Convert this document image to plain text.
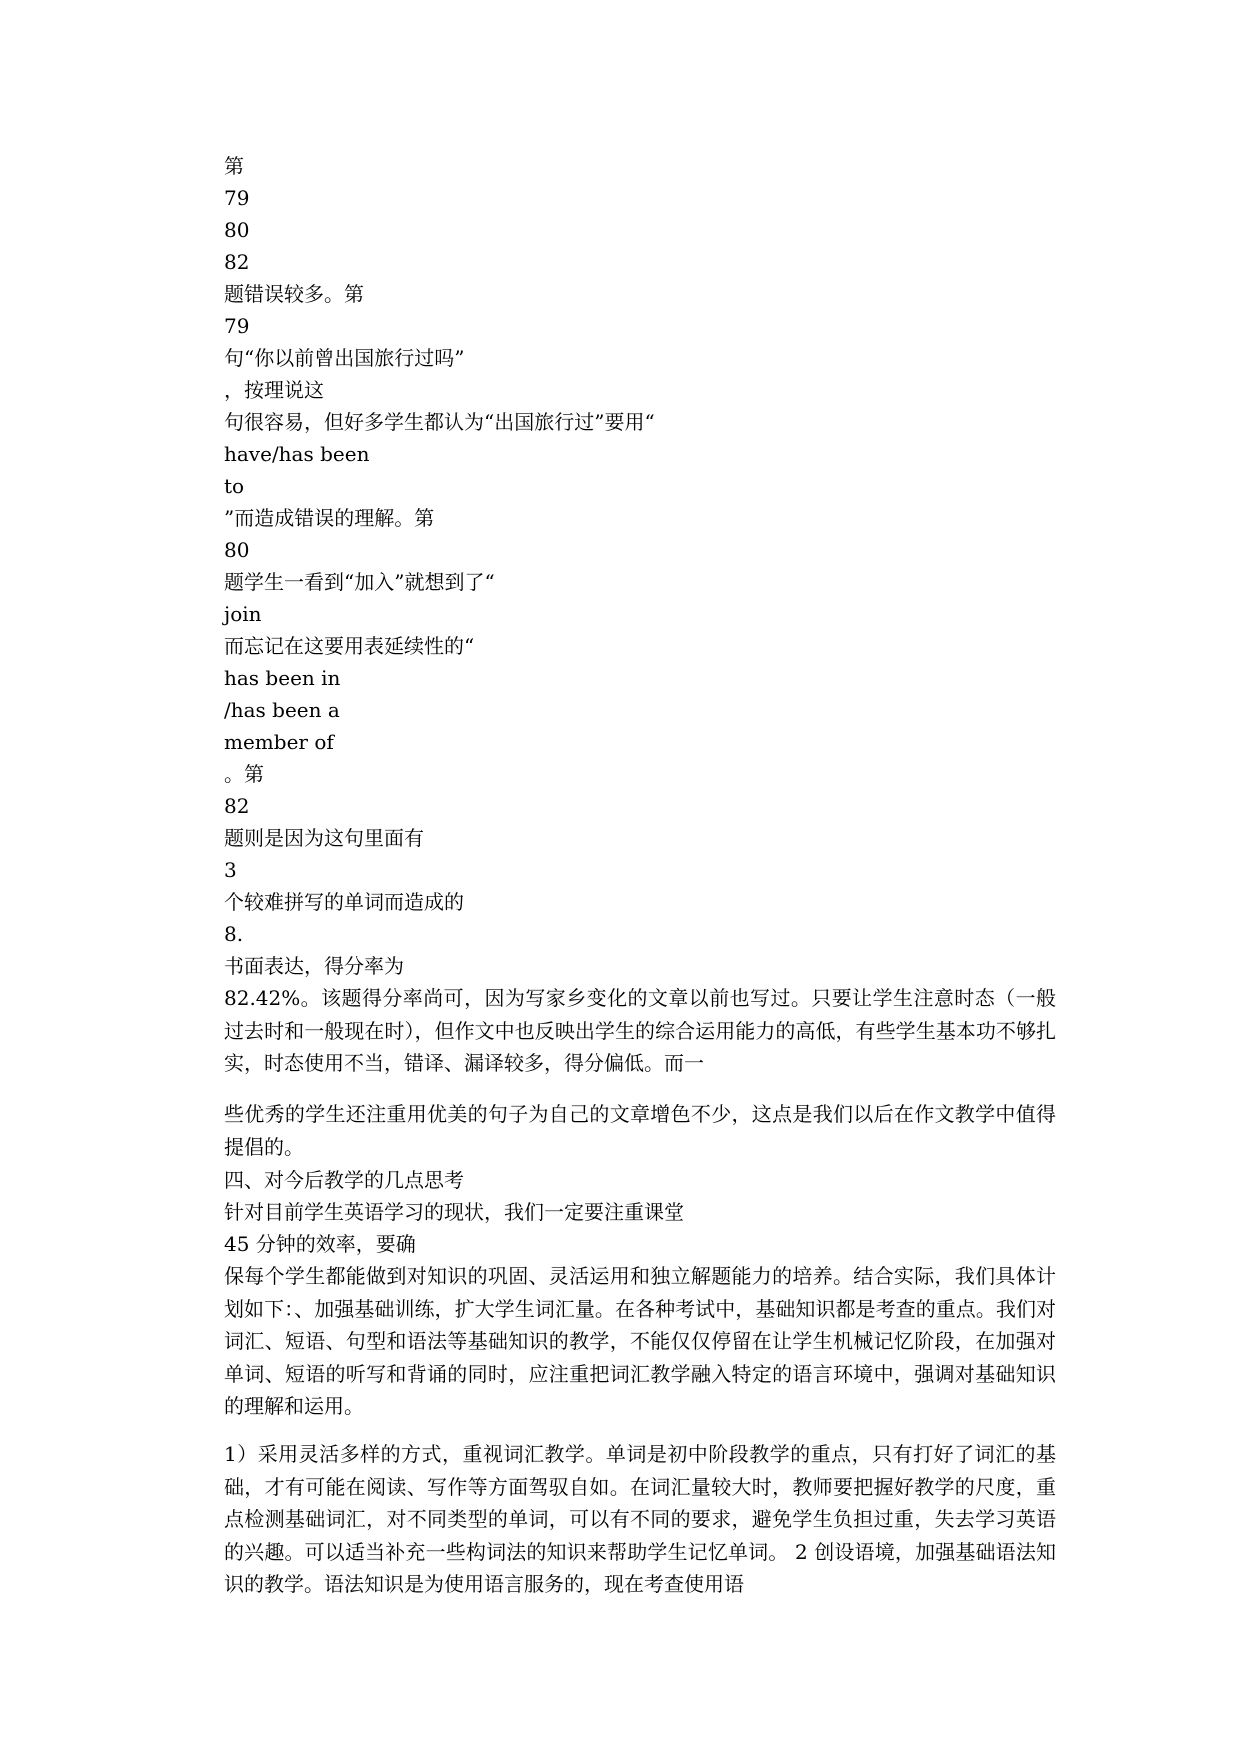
第
79
80
82
题错误较多。第
79
句“你以前曾出国旅行过吗”
，按理说这
句很容易，但好多学生都认为“出国旅行过”要用“
have/has been
to
”而造成错误的理解。第
80
题学生一看到“加入”就想到了“
join
而忘记在这要用表延续性的“
has been in
/has been a
member of
。第
82
题则是因为这句里面有
3
个较难拼写的单词而造成的
8.
书面表达，得分率为
82.42%。该题得分率尚可，因为写家乡变化的文章以前也写过。只要让学生注意时态（一般过去时和一般现在时），但作文中也反映出学生的综合运用能力的高低，有些学生基本功不够扎实，时态使用不当，错译、漏译较多，得分偏低。而一
些优秀的学生还注重用优美的句子为自己的文章增色不少，这点是我们以后在作文教学中值得提倡的。
四、对今后教学的几点思考
针对目前学生英语学习的现状，我们一定要注重课堂
45 分钟的效率，要确
保每个学生都能做到对知识的巩固、灵活运用和独立解题能力的培养。结合实际，我们具体计划如下：、加强基础训练，扩大学生词汇量。在各种考试中，基础知识都是考查的重点。我们对词汇、短语、句型和语法等基础知识的教学，不能仅仅停留在让学生机械记忆阶段，在加强对单词、短语的听写和背诵的同时，应注重把词汇教学融入特定的语言环境中，强调对基础知识的理解和运用。
1）采用灵活多样的方式，重视词汇教学。单词是初中阶段教学的重点，只有打好了词汇的基础，才有可能在阅读、写作等方面驾驭自如。在词汇量较大时，教师要把握好教学的尺度，重点检测基础词汇，对不同类型的单词，可以有不同的要求，避免学生负担过重，失去学习英语的兴趣。可以适当补充一些构词法的知识来帮助学生记忆单词。 2 创设语境，加强基础语法知识的教学。语法知识是为使用语言服务的，现在考查使用语
